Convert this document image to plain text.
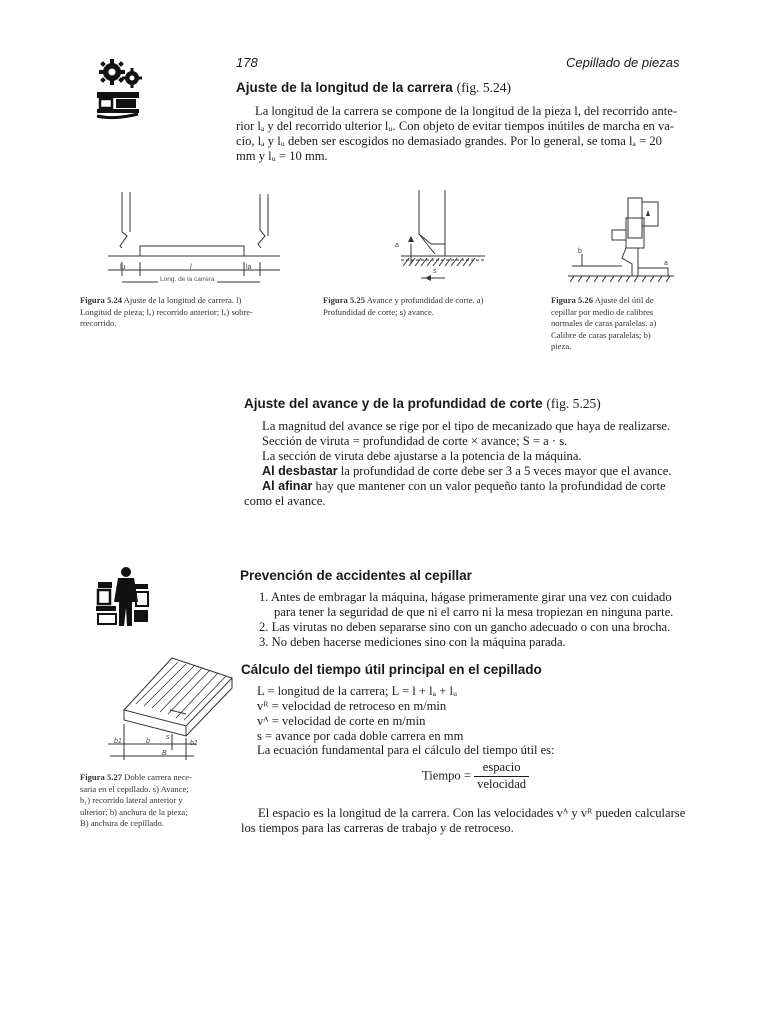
178	Cepillado de piezas
Ajuste de la longitud de la carrera (fig. 5.24)
La longitud de la carrera se compone de la longitud de la pieza l, del recorrido ante-
rior lₐ y del recorrido ulterior lᵤ. Con objeto de evitar tiempos inútiles de marcha en va-
cío, lₐ y lᵤ deben ser escogidos no demasiado grandes. Por lo general, se toma lₐ = 20
mm y lᵤ = 10 mm.
lu	l	la
Long. de la carrera
Figura 5.24 Ajuste de la longitud de carrera. l)
Longitud de pieza; lₐ) recorrido anterior; lᵤ) sobre-
rrecorrido.
a
s
Figura 5.25 Avance y profundidad de corte. a)
Profundidad de corte; s) avance.
b
a
Figura 5.26 Ajuste del útil de
cepillar por medio de calibres
normales de caras paralelas. a)
Calibre de caras paralelas; b)
pieza.
Ajuste del avance y de la profundidad de corte (fig. 5.25)
La magnitud del avance se rige por el tipo de mecanizado que haya de realizarse.
Sección de viruta = profundidad de corte × avance; S = a · s.
La sección de viruta debe ajustarse a la potencia de la máquina.
Al desbastar la profundidad de corte debe ser 3 a 5 veces mayor que el avance.
Al afinar hay que mantener con un valor pequeño tanto la profundidad de corte
como el avance.
Prevención de accidentes al cepillar
1. Antes de embragar la máquina, hágase primeramente girar una vez con cuidado
para tener la seguridad de que ni el carro ni la mesa tropiezan en ninguna parte.
2. Las virutas no deben separarse sino con un gancho adecuado o con una brocha.
3. No deben hacerse mediciones sino con la máquina parada.
Cálculo del tiempo útil principal en el cepillado
L = longitud de la carrera; L = l + lₐ + lᵤ
vᴿ = velocidad de retroceso en m/min
vᴬ = velocidad de corte en m/min
s = avance por cada doble carrera en mm
La ecuación fundamental para el cálculo del tiempo útil es:
Tiempo = $\frac{\text{espacio}}{\text{velocidad}}$
El espacio es la longitud de la carrera. Con las velocidades vᴬ y vᴿ pueden calcularse
los tiempos para las carreras de trabajo y de retroceso.
s
b1	b	b1
B
Figura 5.27 Doble carrera nece-
saria en el cepillado. s) Avance;
b₁) recorrido lateral anterior y
ulterior; b) anchura de la pieza;
B) anchura de cepillado.
